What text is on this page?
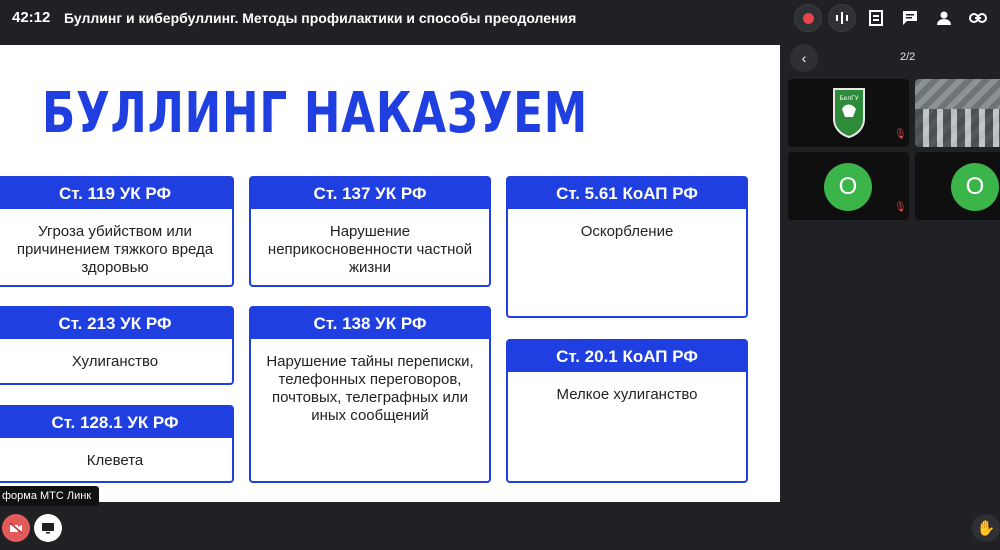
42:12 Буллинг и кибербуллинг. Методы профилактики и способы преодоления
БУЛЛИНГ НАКАЗУЕМ
Ст. 119 УК РФ
Угроза убийством или причинением тяжкого вреда здоровью
Ст. 137 УК РФ
Нарушение неприкосновенности частной жизни
Ст. 5.61 КоАП РФ
Оскорбление
Ст. 213 УК РФ
Хулиганство
Ст. 138 УК РФ
Нарушение тайны переписки, телефонных переговоров, почтовых, телеграфных или иных сообщений
Ст. 20.1 КоАП РФ
Мелкое хулиганство
Ст. 128.1 УК РФ
Клевета
‹	2/2
БелГУ
🎙
O
🎙
O
форма МТС Линк
✋
